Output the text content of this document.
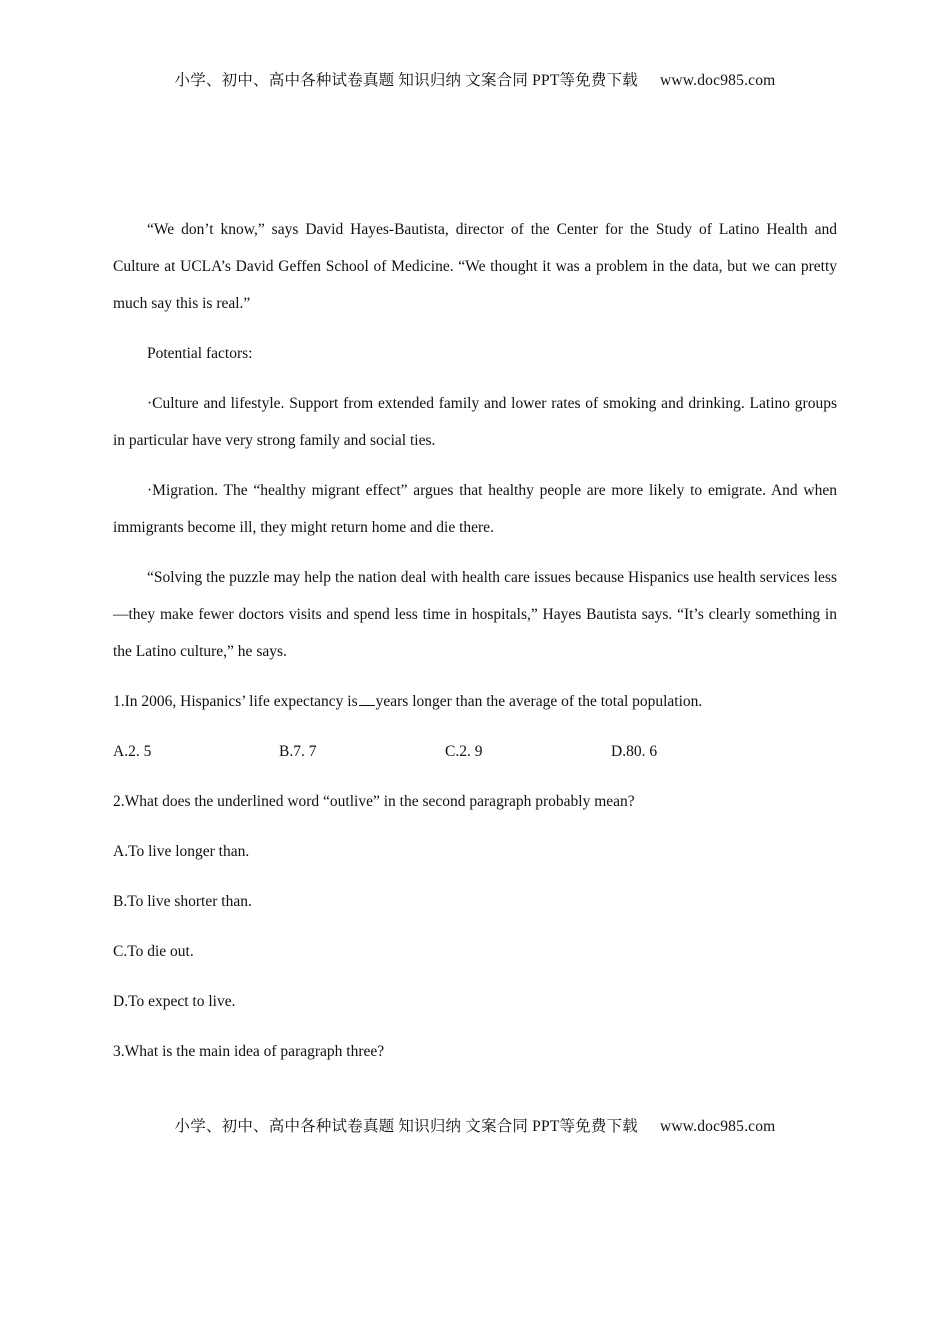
小学、初中、高中各种试卷真题 知识归纳 文案合同 PPT等免费下载 www.doc985.com

“We don’t know,” says David Hayes-Bautista, director of the Center for the Study of Latino Health and Culture at UCLA’s David Geffen School of Medicine. “We thought it was a problem in the data, but we can pretty much say this is real.”

Potential factors:

·Culture and lifestyle. Support from extended family and lower rates of smoking and drinking. Latino groups in particular have very strong family and social ties.

·Migration. The “healthy migrant effect” argues that healthy people are more likely to emigrate. And when immigrants become ill, they might return home and die there.

“Solving the puzzle may help the nation deal with health care issues because Hispanics use health services less—they make fewer doctors visits and spend less time in hospitals,” Hayes Bautista says. “It’s clearly something in the Latino culture,” he says.

1.In 2006, Hispanics’ life expectancy is years longer than the average of the total population.

A.2. 5	B.7. 7	C.2. 9	D.80. 6

2.What does the underlined word “outlive” in the second paragraph probably mean?

A.To live longer than.

B.To live shorter than.

C.To die out.

D.To expect to live.

3.What is the main idea of paragraph three?

小学、初中、高中各种试卷真题 知识归纳 文案合同 PPT等免费下载 www.doc985.com
